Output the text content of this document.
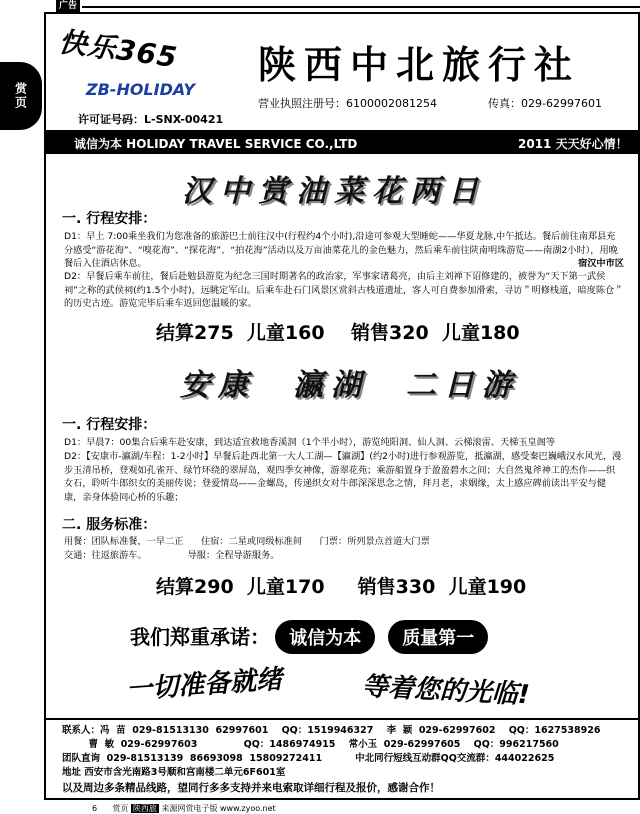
广告
赏页
快乐365
ZB-HOLIDAY
陕西中北旅行社
许可证号码：L-SNX-00421
营业执照注册号：6100002081254	传真：029-62997601
诚信为本 HOLIDAY TRAVEL SERVICE CO.,LTD	2011 天天好心情！···.
汉中赏油菜花两日
一. 行程安排：
D1：早上 7:00乘坐我们为您准备的旅游巴士前往汉中(行程约4个小时),沿途可参观大型睡蛇——华夏龙脉,中午抵达。餐后前往南郑县充分感受“游花海”、“嗅花海”、“探花海”、“拍花海”活动以及万亩油菜花儿的金色魅力，然后乘车前往陕南明珠游览——南湖2小时），用晚餐后入住酒店休息。	宿汉中市区
D2：早餐后乘车前往，餐后赴勉县游览为纪念三国时期著名的政治家，军事家诸葛亮，由后主刘禅下诏修建的，被誉为“天下第一武侯祠”之称的武侯祠(约1.5个小时)，远眺定军山。后乘车赴石门风景区赏斜古栈道遗址，客人可自费参加滑索，寻访＂明修栈道，暗度陈仓＂的历史古迹。游览完毕后乘车返回您温暖的家。
结算275 儿童160 销售320 儿童180
安康  瀛湖  二日游
一. 行程安排：
D1：早晨7：00集合后乘车赴安康，到达适宜救地香溪洞（1个半小时），游览纯阳洞、仙人洞、云梯滚雷、天梯玉皇阁等
D2：【安康市-瀛湖/车程：1-2小时】早餐后赴西北第一大人工湖—【瀛湖】(约2小时)进行参观游览，抵瀛湖，感受秦巴巍峨汉水风光，漫步玉清吊桥，登观如孔雀开、绿竹环绕的翠屏岛，观四季女神像，游翠花苑；乘游船置身于盈盈碧水之间；大自然鬼斧神工的杰作——织女石，聆听牛郎织女的美丽传说；登爱情岛——金螺岛，传递织女对牛郎深深思念之情，拜月老，求姻缘，太上感应碑前读出平安与健康，亲身体验同心桥的乐趣；
二. 服务标准：
用餐：团队标准餐，一早二正      住宿：二星或同级标准间      门票：所列景点首道大门票
交通：往返旅游车。              导服：全程导游服务。
结算290 儿童170 销售330 儿童190
我们郑重承诺： 诚信为本 质量第一
一切准备就绪	等着您的光临!
联系人：冯  苗  029-81513130  62997601    QQ：1519946327    李  颖  029-62997602    QQ：1627538926
曹  敏  029-62997603              QQ：1486974915    常小玉  029-62997605    QQ：996217560
团队直询  029-81513139  86693098  15809272411          中北同行短线互动群QQ交流群：444022625
地址 西安市含光南路3号顺和宫南楼二单元6F601室
以及周边多条精品线路，望同行多多支持并来电索取详细行程及报价，感谢合作！
6 赏页 陕西旅 来源网赏电子版 www.zyoo.net
